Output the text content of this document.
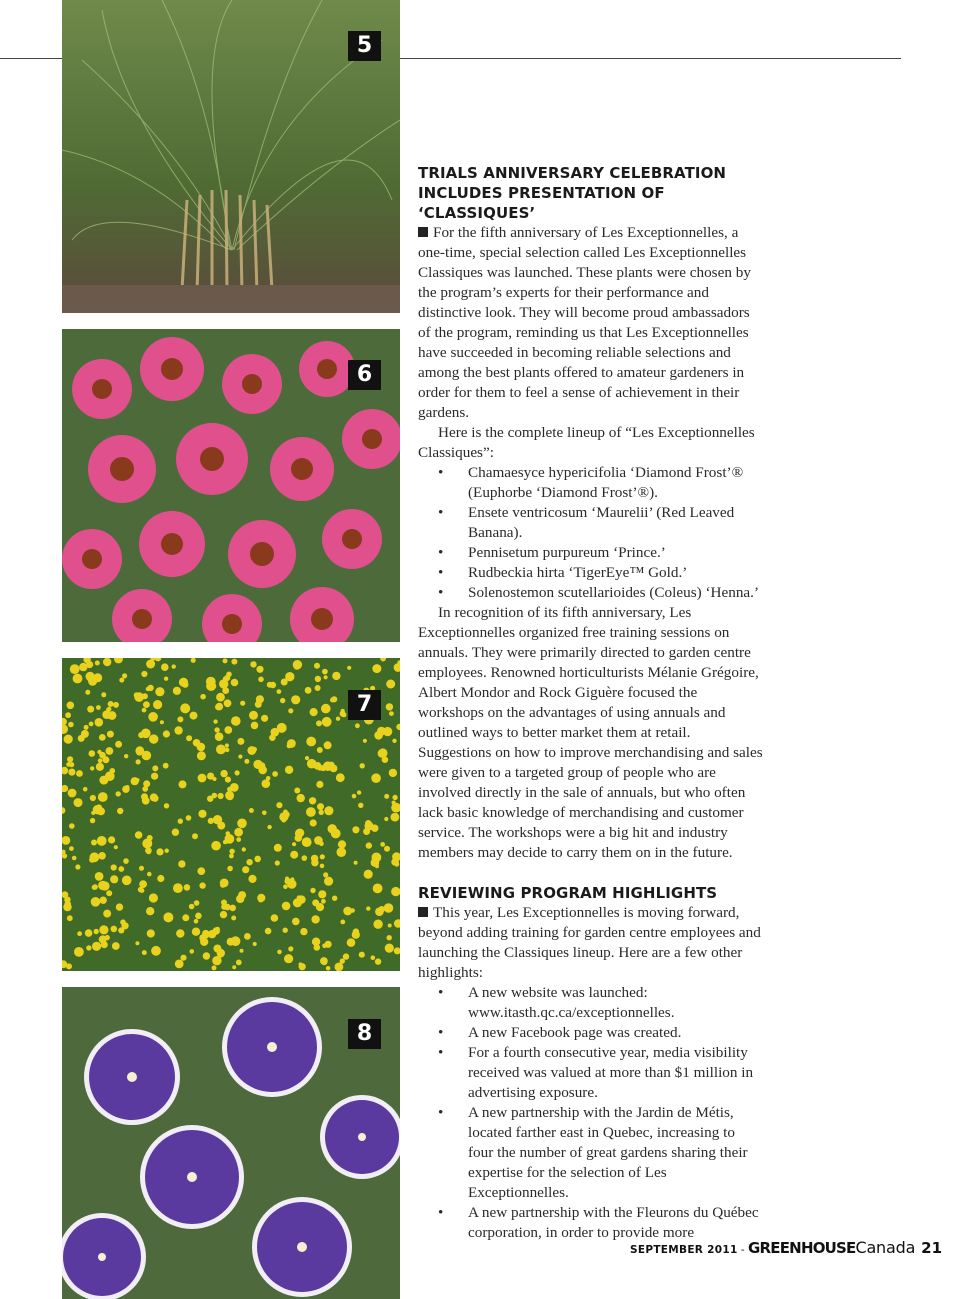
5
6
7
8
TRIALS ANNIVERSARY CELEBRATION
INCLUDES PRESENTATION OF ‘CLASSIQUES’

For the fifth anniversary of Les Exceptionnelles, a one-time, special selection called Les Exceptionnelles Classiques was launched. These plants were chosen by the program’s experts for their performance and distinctive look. They will become proud ambassadors of the program, reminding us that Les Exceptionnelles have succeeded in becoming reliable selections and among the best plants offered to amateur gardeners in order for them to feel a sense of achievement in their gardens.

Here is the complete lineup of “Les Exceptionnelles Classiques”:

• Chamaesyce hypericifolia ‘Diamond Frost’® (Euphorbe ‘Diamond Frost’®).
• Ensete ventricosum ‘Maurelii’ (Red Leaved Banana).
• Pennisetum purpureum ‘Prince.’
• Rudbeckia hirta ‘TigerEye™ Gold.’
• Solenostemon scutellarioides (Coleus) ‘Henna.’

In recognition of its fifth anniversary, Les Exceptionnelles organized free training sessions on annuals. They were primarily directed to garden centre employees. Renowned horticulturists Mélanie Grégoire, Albert Mondor and Rock Giguère focused the workshops on the advantages of using annuals and outlined ways to better market them at retail. Suggestions on how to improve merchandising and sales were given to a targeted group of people who are involved directly in the sale of annuals, but who often lack basic knowledge of merchandising and customer service. The workshops were a big hit and industry members may decide to carry them on in the future.

REVIEWING PROGRAM HIGHLIGHTS

This year, Les Exceptionnelles is moving forward, beyond adding training for garden centre employees and launching the Classiques lineup. Here are a few other highlights:

• A new website was launched: www.itasth.qc.ca/exceptionnelles.
• A new Facebook page was created.
• For a fourth consecutive year, media visibility received was valued at more than $1 million in advertising exposure.
• A new partnership with the Jardin de Métis, located farther east in Quebec, increasing to four the number of great gardens sharing their expertise for the selection of Les Exceptionnelles.
• A new partnership with the Fleurons du Québec corporation, in order to provide more
SEPTEMBER 2011 - GREENHOUSECanada 21
